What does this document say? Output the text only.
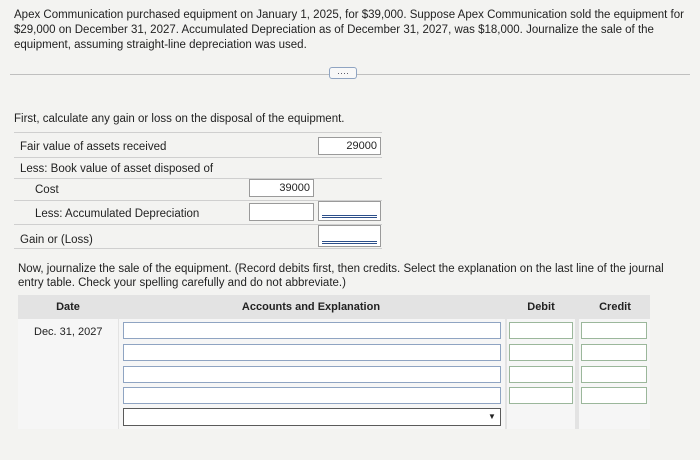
Apex Communication purchased equipment on January 1, 2025, for $39,000. Suppose Apex Communication sold the equipment for $29,000 on December 31, 2027. Accumulated Depreciation as of December 31, 2027, was $18,000. Journalize the sale of the equipment, assuming straight-line depreciation was used.
····
First, calculate any gain or loss on the disposal of the equipment.
Fair value of assets received	29000
Less: Book value of asset disposed of
Cost	39000
Less: Accumulated Depreciation
Gain or (Loss)
Now, journalize the sale of the equipment. (Record debits first, then credits. Select the explanation on the last line of the journal entry table. Check your spelling carefully and do not abbreviate.)
Date	Accounts and Explanation	Debit	Credit
Dec. 31, 2027
▼
